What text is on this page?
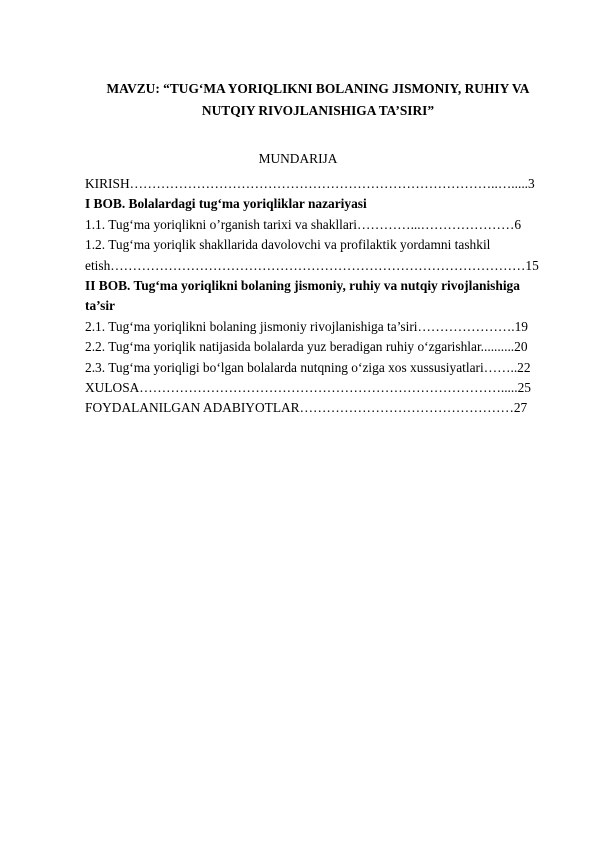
MAVZU: “TUG‘MA YORIQLIKNI BOLANING JISMONIY, RUHIY VA
NUTQIY RIVOJLANISHIGA TA’SIRI”
MUNDARIJA
KIRISH………………………………………………………………………..….....3
I BOB. Bolalardagi tug‘ma yoriqliklar nazariyasi
1.1. Tug‘ma yoriqlikni o’rganish tarixi va shakllari…………...…………………6
1.2. Tug‘ma yoriqlik shakllarida davolovchi va profilaktik yordamni tashkil
etish…………………………………………………………………………………15
II BOB. Tug‘ma yoriqlikni bolaning jismoniy, ruhiy va nutqiy rivojlanishiga
ta’sir
2.1. Tug‘ma yoriqlikni bolaning jismoniy rivojlanishiga ta’siri………………….19
2.2. Tug‘ma yoriqlik natijasida bolalarda yuz beradigan ruhiy o‘zgarishlar..........20
2.3. Tug‘ma yoriqligi bo‘lgan bolalarda nutqning o‘ziga xos xussusiyatlari……..22
XULOSA……………………………………………………………………….....25
FOYDALANILGAN ADABIYOTLAR…………………………………………27
